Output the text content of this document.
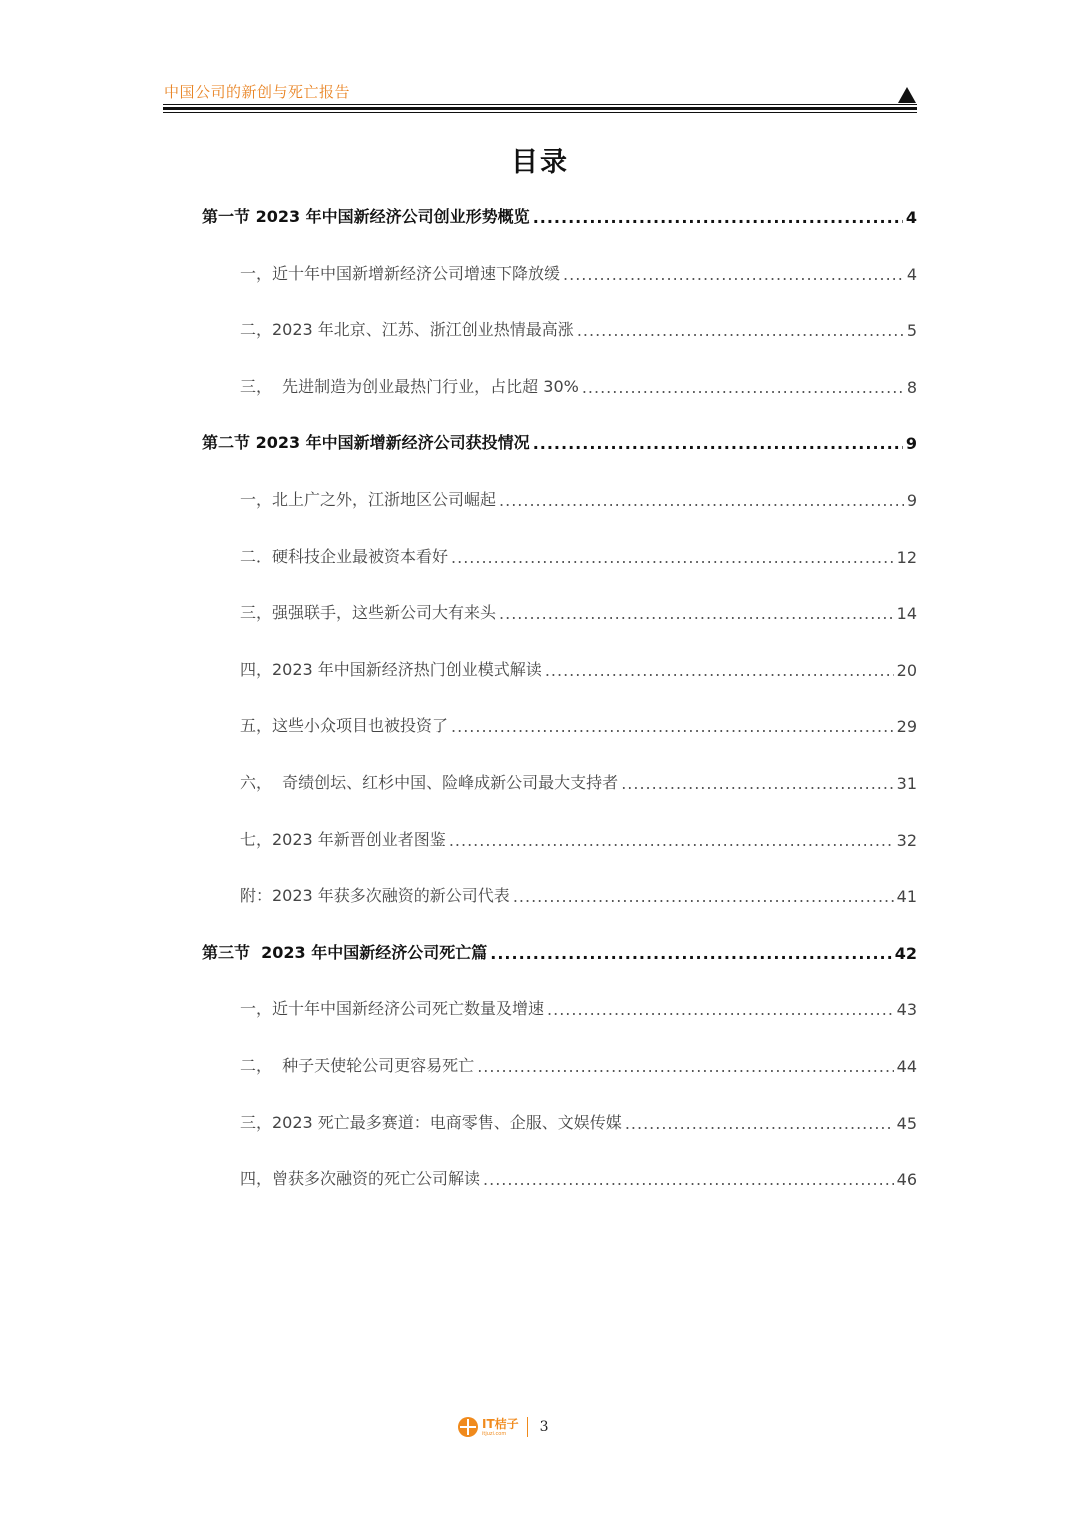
中国公司的新创与死亡报告
目录
第一节 2023 年中国新经济公司创业形势概览 .....	4
一，近十年中国新增新经济公司增速下降放缓 .....	4
二，2023 年北京、江苏、浙江创业热情最高涨 .....	5
三，  先进制造为创业最热门行业，占比超 30% .....	8
第二节 2023 年中国新增新经济公司获投情况 .....	9
一，北上广之外，江浙地区公司崛起 .....	9
二．硬科技企业最被资本看好 .....	12
三，强强联手，这些新公司大有来头 .....	14
四，2023 年中国新经济热门创业模式解读 .....	20
五，这些小众项目也被投资了 .....	29
六，  奇绩创坛、红杉中国、险峰成新公司最大支持者 .....	31
七，2023 年新晋创业者图鉴 .....	32
附：2023 年获多次融资的新公司代表 .....	41
第三节  2023 年中国新经济公司死亡篇 .....	42
一，近十年中国新经济公司死亡数量及增速 .....	43
二，  种子天使轮公司更容易死亡 .....	44
三，2023 死亡最多赛道：电商零售、企服、文娱传媒 .....	45
四，曾获多次融资的死亡公司解读 .....	46
IT桔子
itjuzi.com	3
